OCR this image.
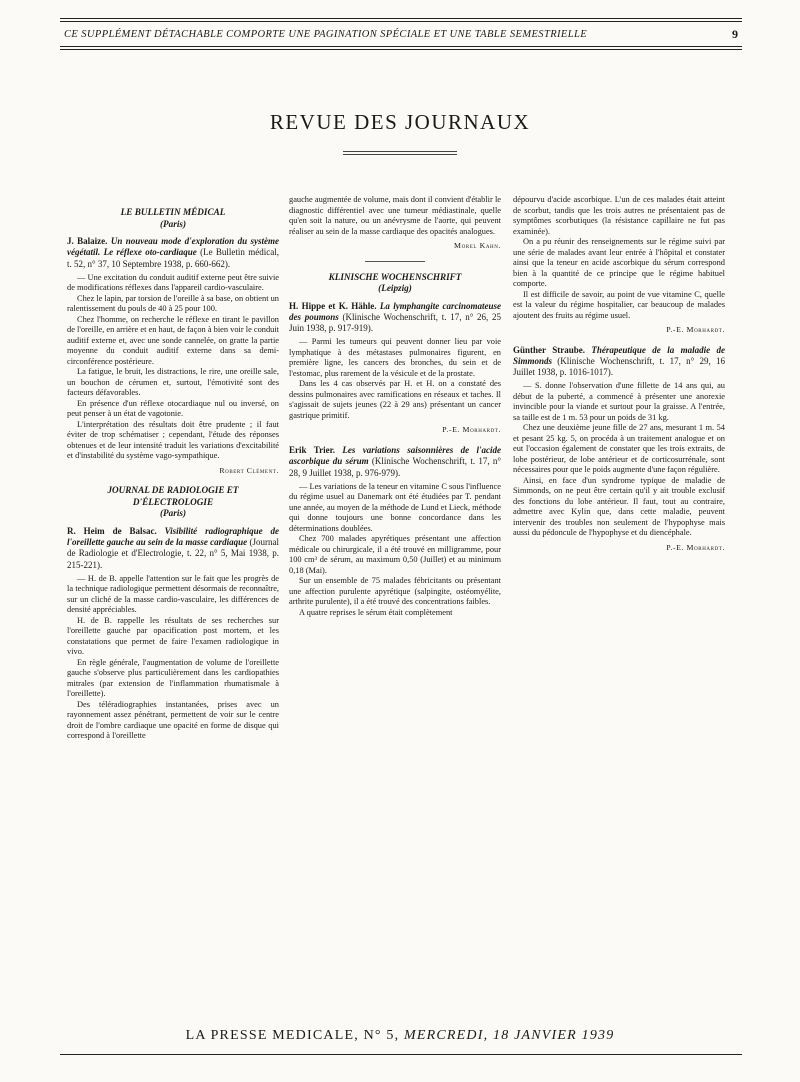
CE SUPPLÉMENT DÉTACHABLE COMPORTE UNE PAGINATION SPÉCIALE ET UNE TABLE SEMESTRIELLE	9
REVUE DES JOURNAUX
LE BULLETIN MÉDICAL
(Paris)
J. Balaize. Un nouveau mode d'exploration du système végétatil. Le réflexe oto-cardiaque (Le Bulletin médical, t. 52, n° 37, 10 Septembre 1938, p. 660-662).

— Une excitation du conduit auditif externe peut être suivie de modifications réflexes dans l'appareil cardio-vasculaire.

Chez le lapin, par torsion de l'oreille à sa base, on obtient un ralentissement du pouls de 40 à 25 pour 100.

Chez l'homme, on recherche le réflexe en tirant le pavillon de l'oreille, en arrière et en haut, de façon à bien voir le conduit auditif externe et, avec une sonde cannelée, on gratte la partie moyenne du conduit auditif externe dans sa demi-circonférence postérieure.

La fatigue, le bruit, les distractions, le rire, une oreille sale, un bouchon de cérumen et, surtout, l'émotivité sont des facteurs défavorables.

En présence d'un réflexe otocardiaque nul ou inversé, on peut penser à un état de vagotonie.

L'interprétation des résultats doit être prudente ; il faut éviter de trop schématiser ; cependant, l'étude des réponses obtenues et de leur intensité traduit les variations d'excitabilité et d'instabilité du système vago-sympathique.

Robert Clément.
JOURNAL DE RADIOLOGIE ET D'ÉLECTROLOGIE
(Paris)
R. Heim de Balsac. Visibilité radiographique de l'oreillette gauche au sein de la masse cardiaque (Journal de Radiologie et d'Electrologie, t. 22, n° 5, Mai 1938, p. 215-221).

— H. de B. appelle l'attention sur le fait que les progrès de la technique radiologique permettent désormais de reconnaître, sur un cliché de la masse cardio-vasculaire, les différences de densité appréciables.

H. de B. rappelle les résultats de ses recherches sur l'oreillette gauche par opacification post mortem, et les constatations que permet de faire l'examen radiologique in vivo.

En règle générale, l'augmentation de volume de l'oreillette gauche s'observe plus particulièrement dans les cardiopathies mitrales (par extension de l'inflammation rhumatismale à l'oreillette).

Des téléradiographies instantanées, prises avec un rayonnement assez pénétrant, permettent de voir sur le centre droit de l'ombre cardiaque une opacité en forme de disque qui correspond à l'oreillette

gauche augmentée de volume, mais dont il convient d'établir le diagnostic différentiel avec une tumeur médiastinale, quelle qu'en soit la nature, ou un anévrysme de l'aorte, qui peuvent réaliser au sein de la masse cardiaque des opacités analogues.

Morel Kahn.
KLINISCHE WOCHENSCHRIFT
(Leipzig)
H. Hippe et K. Hähle. La lymphangite carcinomateuse des poumons (Klinische Wochenschrift, t. 17, n° 26, 25 Juin 1938, p. 917-919).

— Parmi les tumeurs qui peuvent donner lieu par voie lymphatique à des métastases pulmonaires figurent, en première ligne, les cancers des bronches, du sein et de l'estomac, plus rarement de la vésicule et de la prostate.

Dans les 4 cas observés par H. et H. on a constaté des dessins pulmonaires avec ramifications en réseaux et taches. Il s'agissait de sujets jeunes (22 à 29 ans) présentant un cancer gastrique primitif.

P.-E. Morhardt.
Erik Trier. Les variations saisonnières de l'acide ascorbique du sérum (Klinische Wochenschrift, t. 17, n° 28, 9 Juillet 1938, p. 976-979).

— Les variations de la teneur en vitamine C sous l'influence du régime usuel au Danemark ont été étudiées par T. pendant une année, au moyen de la méthode de Lund et Lieck, méthode qui donne toujours une bonne concordance dans les déterminations doublées.

Chez 700 malades apyrétiques présentant une affection médicale ou chirurgicale, il a été trouvé en milligramme, pour 100 cm³ de sérum, au maximum 0,50 (Juillet) et au minimum 0,18 (Mai).

Sur un ensemble de 75 malades fébricitants ou présentant une affection purulente apyrétique (salpingite, ostéomyélite, arthrite purulente), il a été trouvé des concentrations faibles.

A quatre reprises le sérum était complètement

dépourvu d'acide ascorbique. L'un de ces malades était atteint de scorbut, tandis que les trois autres ne présentaient pas de symptômes scorbutiques (la résistance capillaire ne fut pas examinée).

On a pu réunir des renseignements sur le régime suivi par une série de malades avant leur entrée à l'hôpital et constater ainsi que la teneur en acide ascorbique du sérum correspond bien à la quantité de ce principe que le régime habituel comporte.

Il est difficile de savoir, au point de vue vitamine C, quelle est la valeur du régime hospitalier, car beaucoup de malades ajoutent des fruits au régime usuel.

P.-E. Morhardt.
Günther Straube. Thérapeutique de la maladie de Simmonds (Klinische Wochenschrift, t. 17, n° 29, 16 Juillet 1938, p. 1016-1017).

— S. donne l'observation d'une fillette de 14 ans qui, au début de la puberté, a commencé à présenter une anorexie invincible pour la viande et surtout pour la graisse. A l'entrée, sa taille est de 1 m. 53 pour un poids de 31 kg.

Chez une deuxième jeune fille de 27 ans, mesurant 1 m. 54 et pesant 25 kg. 5, on procéda à un traitement analogue et on eut l'occasion également de constater que les trois extraits, de lobe postérieur, de lobe antérieur et de corticosurrénale, sont nécessaires pour que le poids augmente d'une façon régulière.

Ainsi, en face d'un syndrome typique de maladie de Simmonds, on ne peut être certain qu'il y ait trouble exclusif des fonctions du lobe antérieur. Il faut, tout au contraire, admettre avec Kylin que, dans cette maladie, peuvent intervenir des troubles non seulement de l'hypophyse mais aussi du pédoncule de l'hypophyse et du diencéphale.

P.-E. Morhardt.
LA PRESSE MEDICALE, N° 5, MERCREDI, 18 JANVIER 1939
